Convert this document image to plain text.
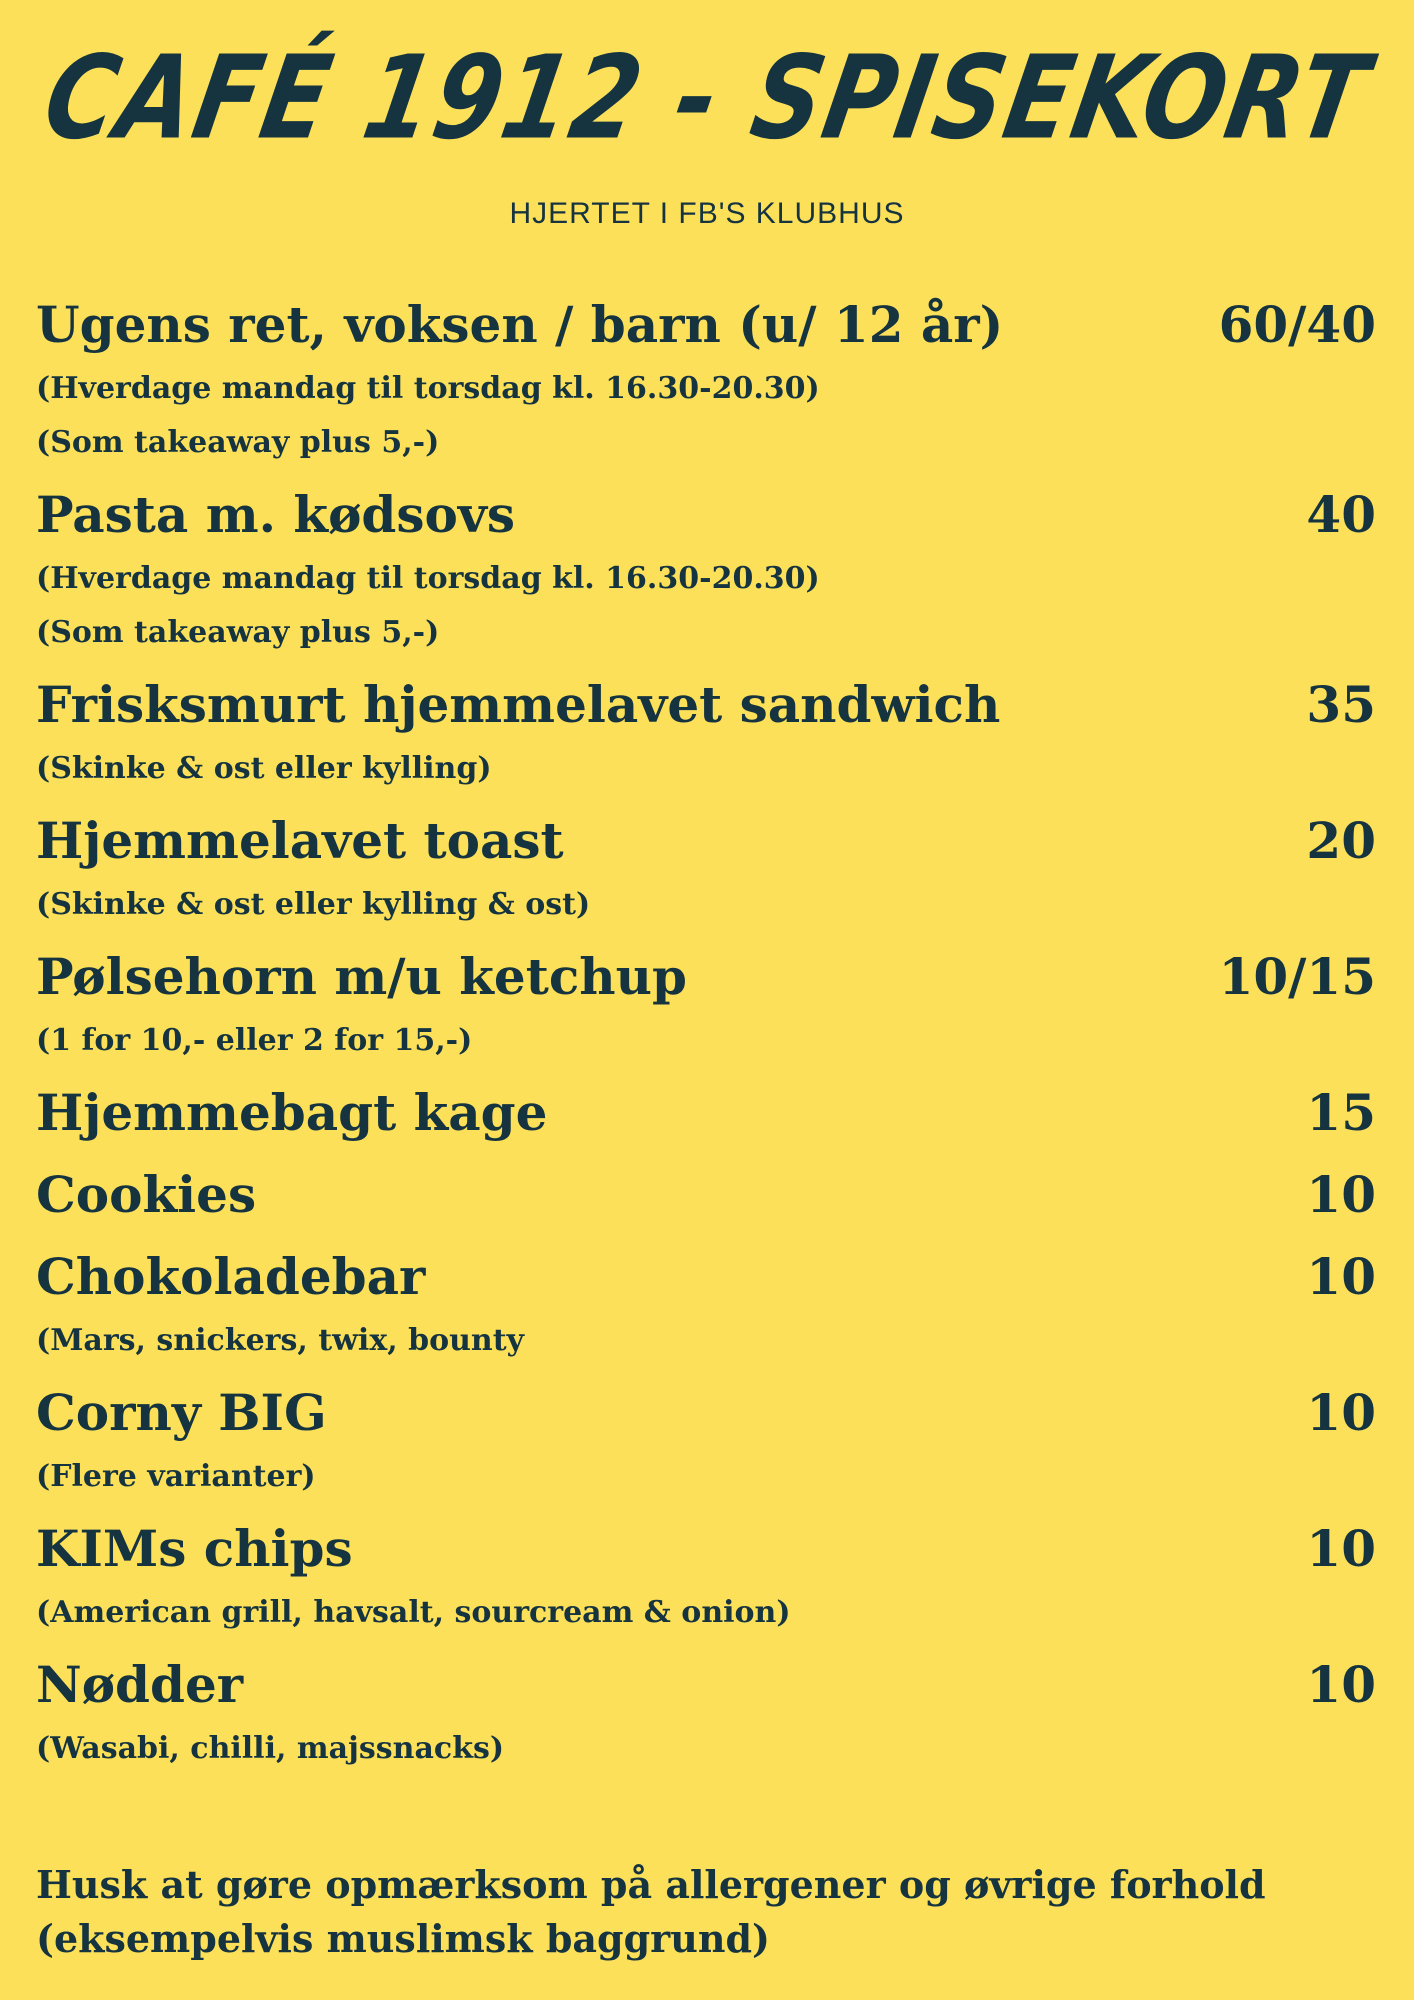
CAFÉ 1912 - SPISEKORT
HJERTET I FB'S KLUBHUS
Ugens ret, voksen / barn (u/ 12 år)	60/40
(Hverdage mandag til torsdag kl. 16.30-20.30)
(Som takeaway plus 5,-)
Pasta m. kødsovs	40
(Hverdage mandag til torsdag kl. 16.30-20.30)
(Som takeaway plus 5,-)
Frisksmurt hjemmelavet sandwich	35
(Skinke & ost eller kylling)
Hjemmelavet toast	20
(Skinke & ost eller kylling & ost)
Pølsehorn m/u ketchup	10/15
(1 for 10,- eller 2 for 15,-)
Hjemmebagt kage	15
Cookies	10
Chokoladebar	10
(Mars, snickers, twix, bounty
Corny BIG	10
(Flere varianter)
KIMs chips	10
(American grill, havsalt, sourcream & onion)
Nødder	10
(Wasabi, chilli, majssnacks)
Husk at gøre opmærksom på allergener og øvrige forhold
(eksempelvis muslimsk baggrund)
